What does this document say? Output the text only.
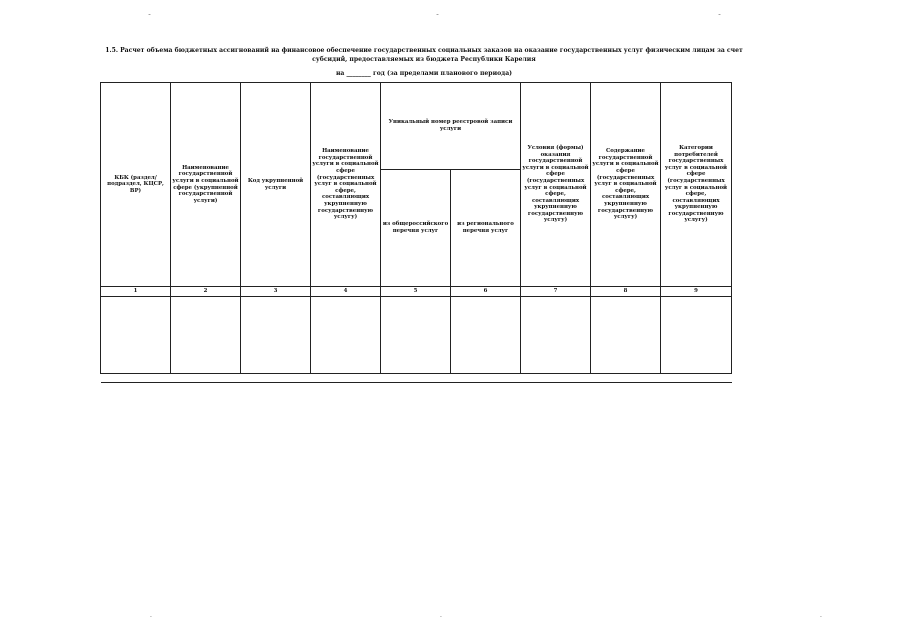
1.5. Расчет объема бюджетных ассигнований на финансовое обеспечение государственных социальных заказов на оказание государственных услуг физическим лицам за счет субсидий, предоставляемых из бюджета Республики Карелия
на ________ год (за пределами планового периода)
КБК (раздел/подраздел, КЦСР, ВР)	Наименование государственной услуги в социальной сфере (укрупненной государственной услуги)	Код укрупненной услуги	Наименование государственной услуги в социальной сфере (государственных услуг в социальной сфере, составляющих укрупненную государственную услугу)	Уникальный номер реестровой записи услуги		Условия (формы) оказания государственной услуги в социальной сфере (государственных услуг в социальной сфере, составляющих укрупненную государственную услугу)	Содержание государственной услуги в социальной сфере (государственных услуг в социальной сфере, составляющих укрупненную государственную услугу)	Категории потребителей государственных услуг в социальной сфере (государственных услуг в социальной сфере, составляющих укрупненную государственную услугу)
				из общероссийского перечня услуг	из регионального перечня услуг			
1	2	3	4	5	6	7	8	9

˘	˘	˘
.	.	.
